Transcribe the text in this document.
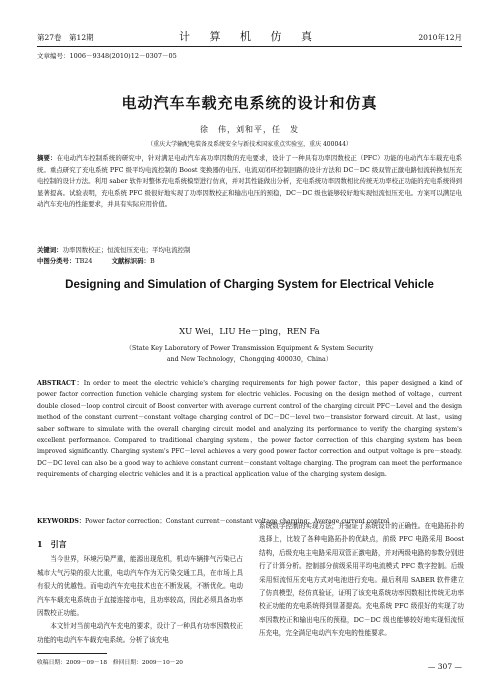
第27卷　第12期	计 算 机 仿 真	2010年12月
文章编号：1006－9348(2010)12－0307－05
电动汽车车载充电系统的设计和仿真
徐　伟，刘和平，任　发
（重庆大学输配电装备及系统安全与新技术国家重点实验室，重庆 400044）
摘要：在电动汽车控制系统的研究中，针对满足电动汽车高功率因数的充电要求，设计了一种具有功率因数校正（PFC）功能的电动汽车车载充电系统。重点研究了充电系统 PFC 级平均电流控制的 Boost 变换器的电压、电流双闭环控制回路的设计方法和 DC－DC 级双管正激电路恒流转换恒压充电控制的设计方法。利用 saber 软件对整体充电系统模型进行仿真，并对其性能做出分析，充电系统功率因数相比传统无功率校正功能的充电系统得到显著提高。试验表明，充电系统 PFC 级很好地实现了功率因数校正和输出电压的预稳，DC－DC 级也能够较好地实现恒流恒压充电。方案可以满足电动汽车充电的性能要求，并具有实际应用价值。
关键词：功率因数校正；恒流恒压充电；平均电流控制
中图分类号：TB24   	文献标识码：B
Designing and Simulation of Charging System for Electrical Vehicle
XU Wei，LIU He－ping，REN Fa
（State Key Laboratory of Power Transmission Equipment & System Security
and New Technology，Chongqing 400030，China）
ABSTRACT：In order to meet the electric vehicle's charging requirements for high power factor，this paper designed a kind of power factor correction function vehicle charging system for electric vehicles. Focusing on the design method of voltage，current double closed－loop control circuit of Boost converter with average current control of the charging circuit PFC－Level and the design method of the constant current－constant voltage charging control of DC－DC－level two－transistor forward circuit. At last，using saber software to simulate with the overall charging circuit model and analyzing its performance to verify the charging system's excellent performance. Compared to traditional charging system，the power factor correction of this charging system has been improved significantly. Charging system's PFC－level achieves a very good power factor correction and output voltage is pre－steady. DC－DC level can also be a good way to achieve constant current－constant voltage charging. The program can meet the performance requirements of charging electric vehicles and it is a practical application value of the charging system design.
KEYWORDS：Power factor correction；Constant current－constant voltage charging；Average current control
1　引言

当今世界，环境污染严重，能源出现危机，机动车辆排气污染已占城市大气污染的很大比重，电动汽车作为无污染交通工具，在市场上具有很大的优越性。而电动汽车充电技术也在不断发展，不断优化。电动汽车车载充电系统由于直接连接市电，且功率较高，因此必须具备功率因数校正功能。

本文针对当前电动汽车充电的要求，设计了一种具有功率因数校正功能的电动汽车车载充电系统。分析了该充电

系统数字控制的实现方法，并验证了系统设计的正确性。在电路拓扑的选择上，比较了各种电路拓扑的优缺点，前级 PFC 电路采用 Boost 结构，后级充电主电路采用双管正激电路，并对两级电路的参数分别进行了计算分析。控制部分前级采用平均电流模式 PFC 数字控制。后级采用恒流恒压充电方式对电池进行充电。最后利用 SABER 软件建立了仿真模型，经仿真验证，证明了该充电系统功率因数相比传统无功率校正功能的充电系统得到显著提高。充电系统 PFC 级很好的实现了功率因数校正和输出电压的预稳，DC－DC 级也能够较好地实现恒流恒压充电，完全满足电动汽车充电的性能要求。

收稿日期：2009－09－18　修回日期：2009－10－20	— 307 —
